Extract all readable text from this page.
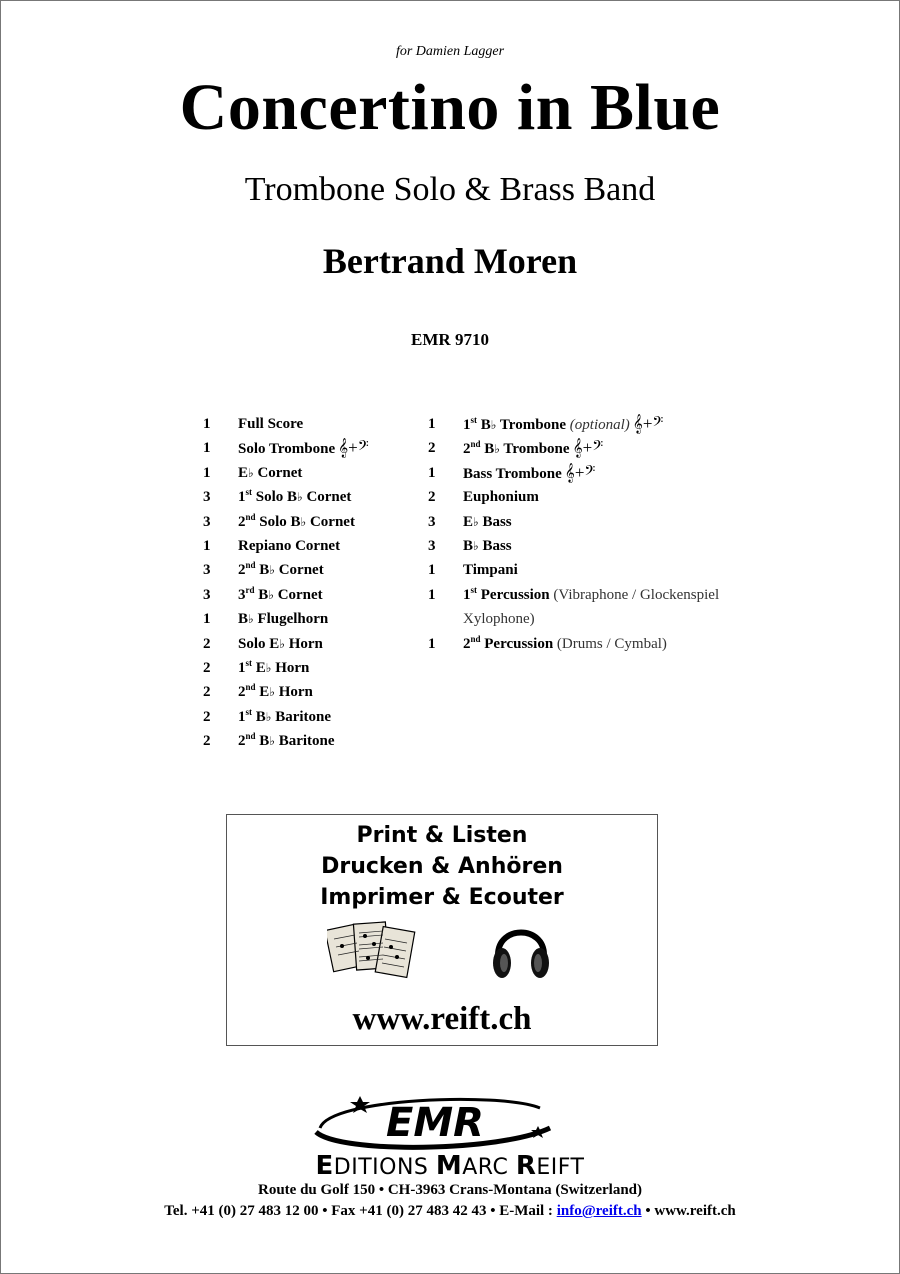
for Damien Lagger
Concertino in Blue
Trombone Solo & Brass Band
Bertrand Moren
EMR 9710
1 Full Score
1 Solo Trombone 𝄞+𝄢
1 E♭ Cornet
3 1st Solo B♭ Cornet
3 2nd Solo B♭ Cornet
1 Repiano Cornet
3 2nd B♭ Cornet
3 3rd B♭ Cornet
1 B♭ Flugelhorn
2 Solo E♭ Horn
2 1st E♭ Horn
2 2nd E♭ Horn
2 1st B♭ Baritone
2 2nd B♭ Baritone
1 1st B♭ Trombone (optional) 𝄞+𝄢
2 2nd B♭ Trombone 𝄞+𝄢
1 Bass Trombone 𝄞+𝄢
2 Euphonium
3 E♭ Bass
3 B♭ Bass
1 Timpani
1 1st Percussion (Vibraphone / Glockenspiel
Xylophone)
1 2nd Percussion (Drums / Cymbal)
Print & Listen
Drucken & Anhören
Imprimer & Ecouter
www.reift.ch
EMR
EDITIONS MARC REIFT
Route du Golf 150 • CH-3963 Crans-Montana (Switzerland)
Tel. +41 (0) 27 483 12 00 • Fax +41 (0) 27 483 42 43 • E-Mail : info@reift.ch • www.reift.ch
